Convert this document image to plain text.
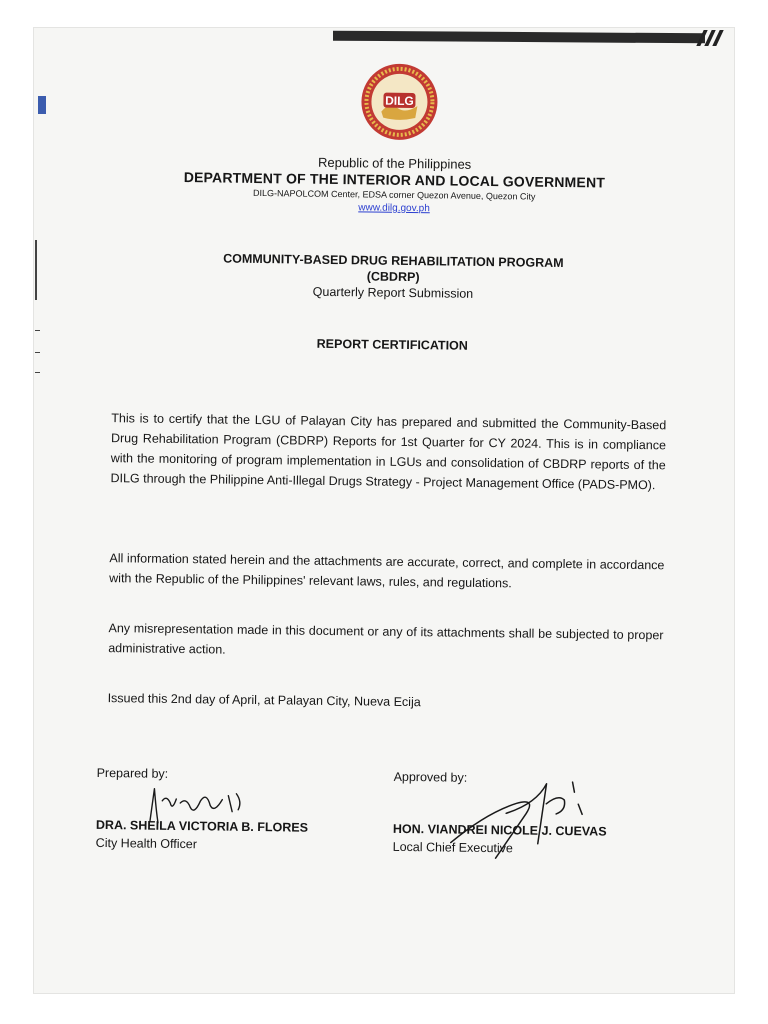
DILG
Republic of the Philippines
DEPARTMENT OF THE INTERIOR AND LOCAL GOVERNMENT
DILG-NAPOLCOM Center, EDSA corner Quezon Avenue, Quezon City
www.dilg.gov.ph
COMMUNITY-BASED DRUG REHABILITATION PROGRAM
(CBDRP)
Quarterly Report Submission
REPORT CERTIFICATION

This is to certify that the LGU of Palayan City has prepared and submitted the Community-Based Drug Rehabilitation Program (CBDRP) Reports for 1st Quarter for CY 2024. This is in compliance with the monitoring of program implementation in LGUs and consolidation of CBDRP reports of the DILG through the Philippine Anti-Illegal Drugs Strategy - Project Management Office (PADS-PMO).

All information stated herein and the attachments are accurate, correct, and complete in accordance with the Republic of the Philippines' relevant laws, rules, and regulations.

Any misrepresentation made in this document or any of its attachments shall be subjected to proper administrative action.

Issued this 2nd day of April, at Palayan City, Nueva Ecija

Prepared by:	Approved by:
DRA. SHEILA VICTORIA B. FLORES
City Health Officer
HON. VIANDREI NICOLE J. CUEVAS
Local Chief Executive
